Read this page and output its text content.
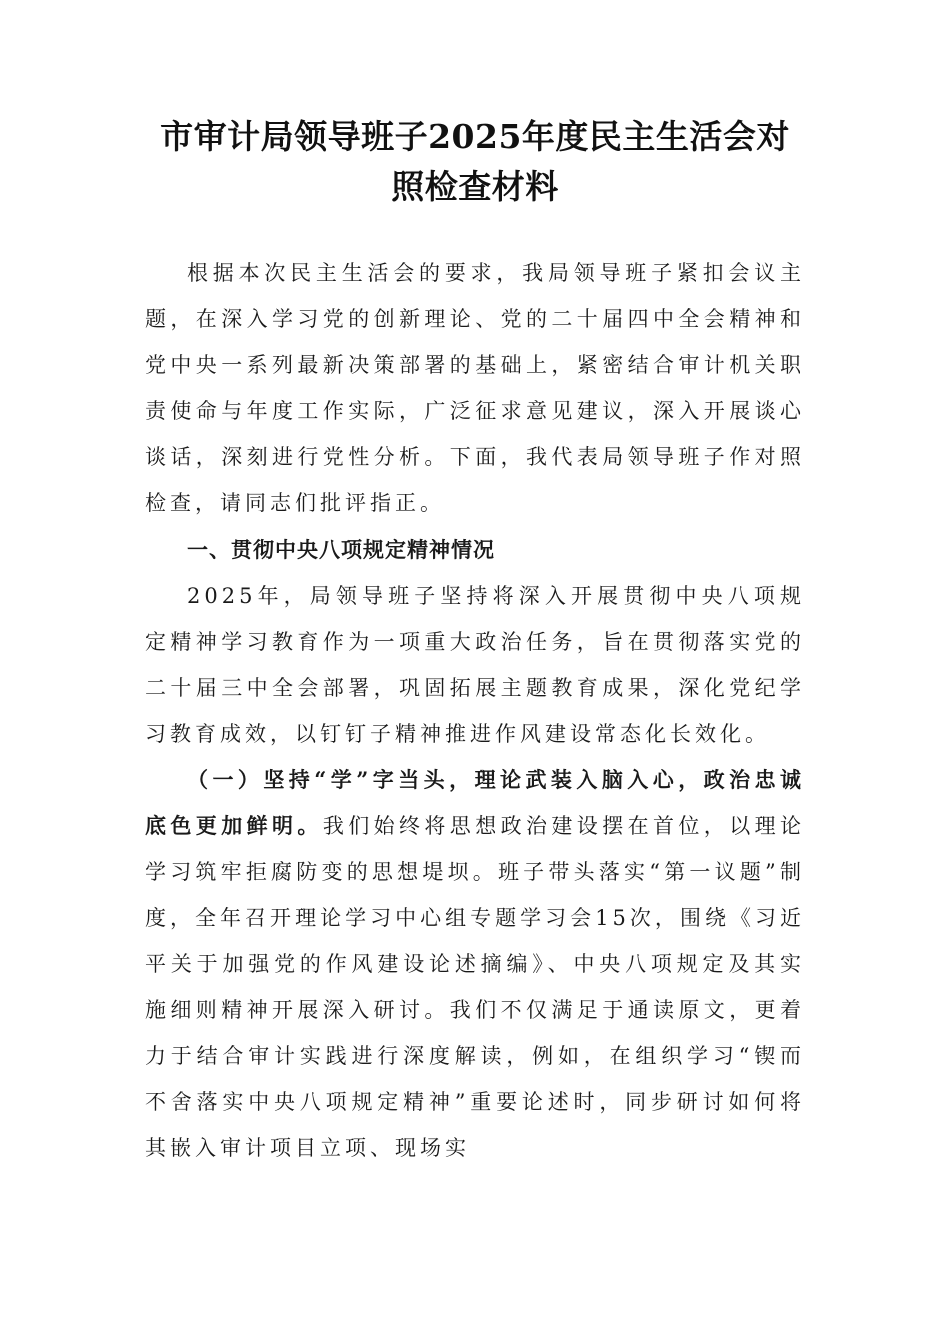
市审计局领导班子2025年度民主生活会对
照检查材料

根据本次民主生活会的要求，我局领导班子紧扣会议主题，在深入学习党的创新理论、党的二十届四中全会精神和党中央一系列最新决策部署的基础上，紧密结合审计机关职责使命与年度工作实际，广泛征求意见建议，深入开展谈心谈话，深刻进行党性分析。下面，我代表局领导班子作对照检查，请同志们批评指正。

一、贯彻中央八项规定精神情况

2025年，局领导班子坚持将深入开展贯彻中央八项规定精神学习教育作为一项重大政治任务，旨在贯彻落实党的二十届三中全会部署，巩固拓展主题教育成果，深化党纪学习教育成效，以钉钉子精神推进作风建设常态化长效化。

（一）坚持“学”字当头，理论武装入脑入心，政治忠诚底色更加鲜明。我们始终将思想政治建设摆在首位，以理论学习筑牢拒腐防变的思想堤坝。班子带头落实“第一议题”制度，全年召开理论学习中心组专题学习会15次，围绕《习近平关于加强党的作风建设论述摘编》、中央八项规定及其实施细则精神开展深入研讨。我们不仅满足于通读原文，更着力于结合审计实践进行深度解读，例如，在组织学习“锲而不舍落实中央八项规定精神”重要论述时，同步研讨如何将其嵌入审计项目立项、现场实
